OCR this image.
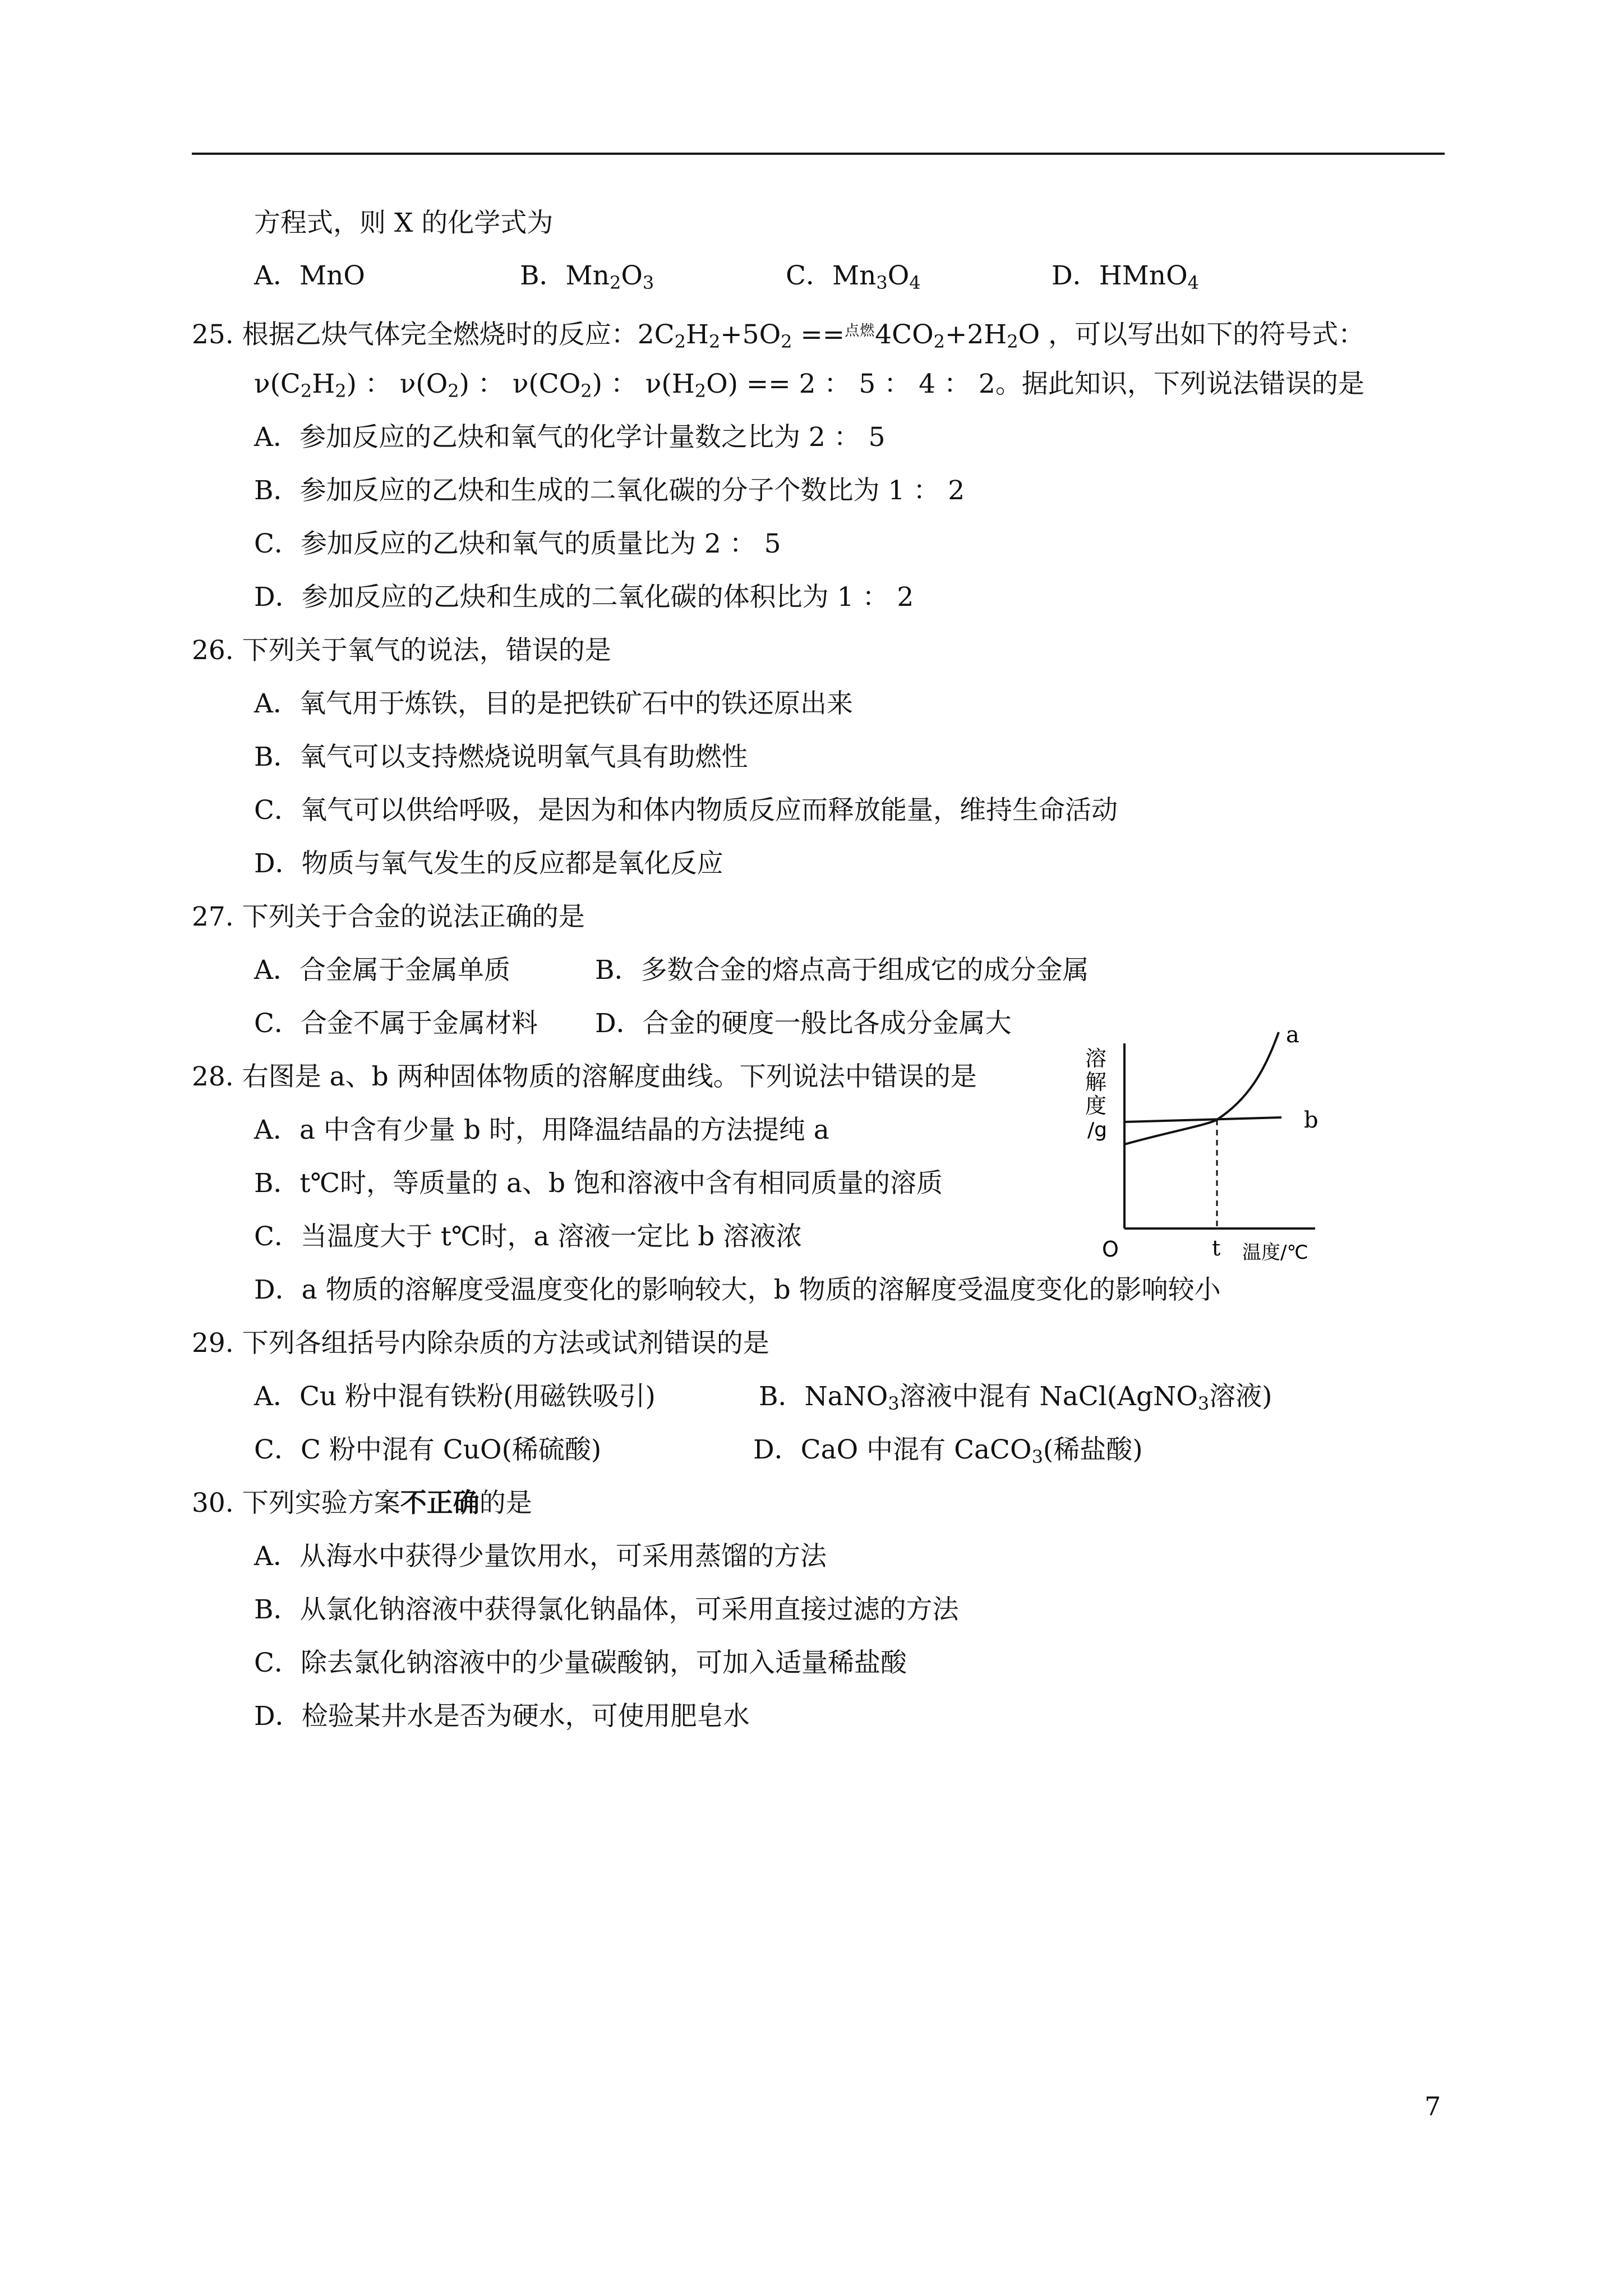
方程式，则 X 的化学式为
A．MnO	B．$Mn_2O_3$	C．$Mn_3O_4$	D．HMnO$_4$
25. 根据乙炔气体完全燃烧时的反应：$2C_2H_2+5O_2 ==^{点燃}4CO_2+2H_2O$ ，可以写出如下的符号式：
$\nu(C_2H_2)$ ： $\nu(O_2)$ ： $\nu(CO_2)$ ： $\nu(H_2O) == 2$ ： 5 ： 4 ： 2。据此知识，下列说法错误的是
A．参加反应的乙炔和氧气的化学计量数之比为 2 ： 5
B．参加反应的乙炔和生成的二氧化碳的分子个数比为 1 ： 2
C．参加反应的乙炔和氧气的质量比为 2 ： 5
D．参加反应的乙炔和生成的二氧化碳的体积比为 1 ： 2
26. 下列关于氧气的说法，错误的是
A．氧气用于炼铁，目的是把铁矿石中的铁还原出来
B．氧气可以支持燃烧说明氧气具有助燃性
C．氧气可以供给呼吸，是因为和体内物质反应而释放能量，维持生命活动
D．物质与氧气发生的反应都是氧化反应
27. 下列关于合金的说法正确的是
A．合金属于金属单质	B．多数合金的熔点高于组成它的成分金属
C．合金不属于金属材料 D．合金的硬度一般比各成分金属大
28. 右图是 a、b 两种固体物质的溶解度曲线。下列说法中错误的是
A．a 中含有少量 b 时，用降温结晶的方法提纯 a
B．t℃时，等质量的 a、b 饱和溶液中含有相同质量的溶质
C．当温度大于 t℃时，a 溶液一定比 b 溶液浓
D．a 物质的溶解度受温度变化的影响较大，b 物质的溶解度受温度变化的影响较小
溶
解
度
/g
a
b
O	t 温度/℃
29. 下列各组括号内除杂质的方法或试剂错误的是
A．Cu 粉中混有铁粉(用磁铁吸引)	B．NaNO$_3$溶液中混有 NaCl(AgNO$_3$溶液)
C．C 粉中混有 CuO(稀硫酸)	D．CaO 中混有 CaCO$_3$(稀盐酸)
30. 下列实验方案不正确的是
A．从海水中获得少量饮用水，可采用蒸馏的方法
B．从氯化钠溶液中获得氯化钠晶体，可采用直接过滤的方法
C．除去氯化钠溶液中的少量碳酸钠，可加入适量稀盐酸
D．检验某井水是否为硬水，可使用肥皂水
7
